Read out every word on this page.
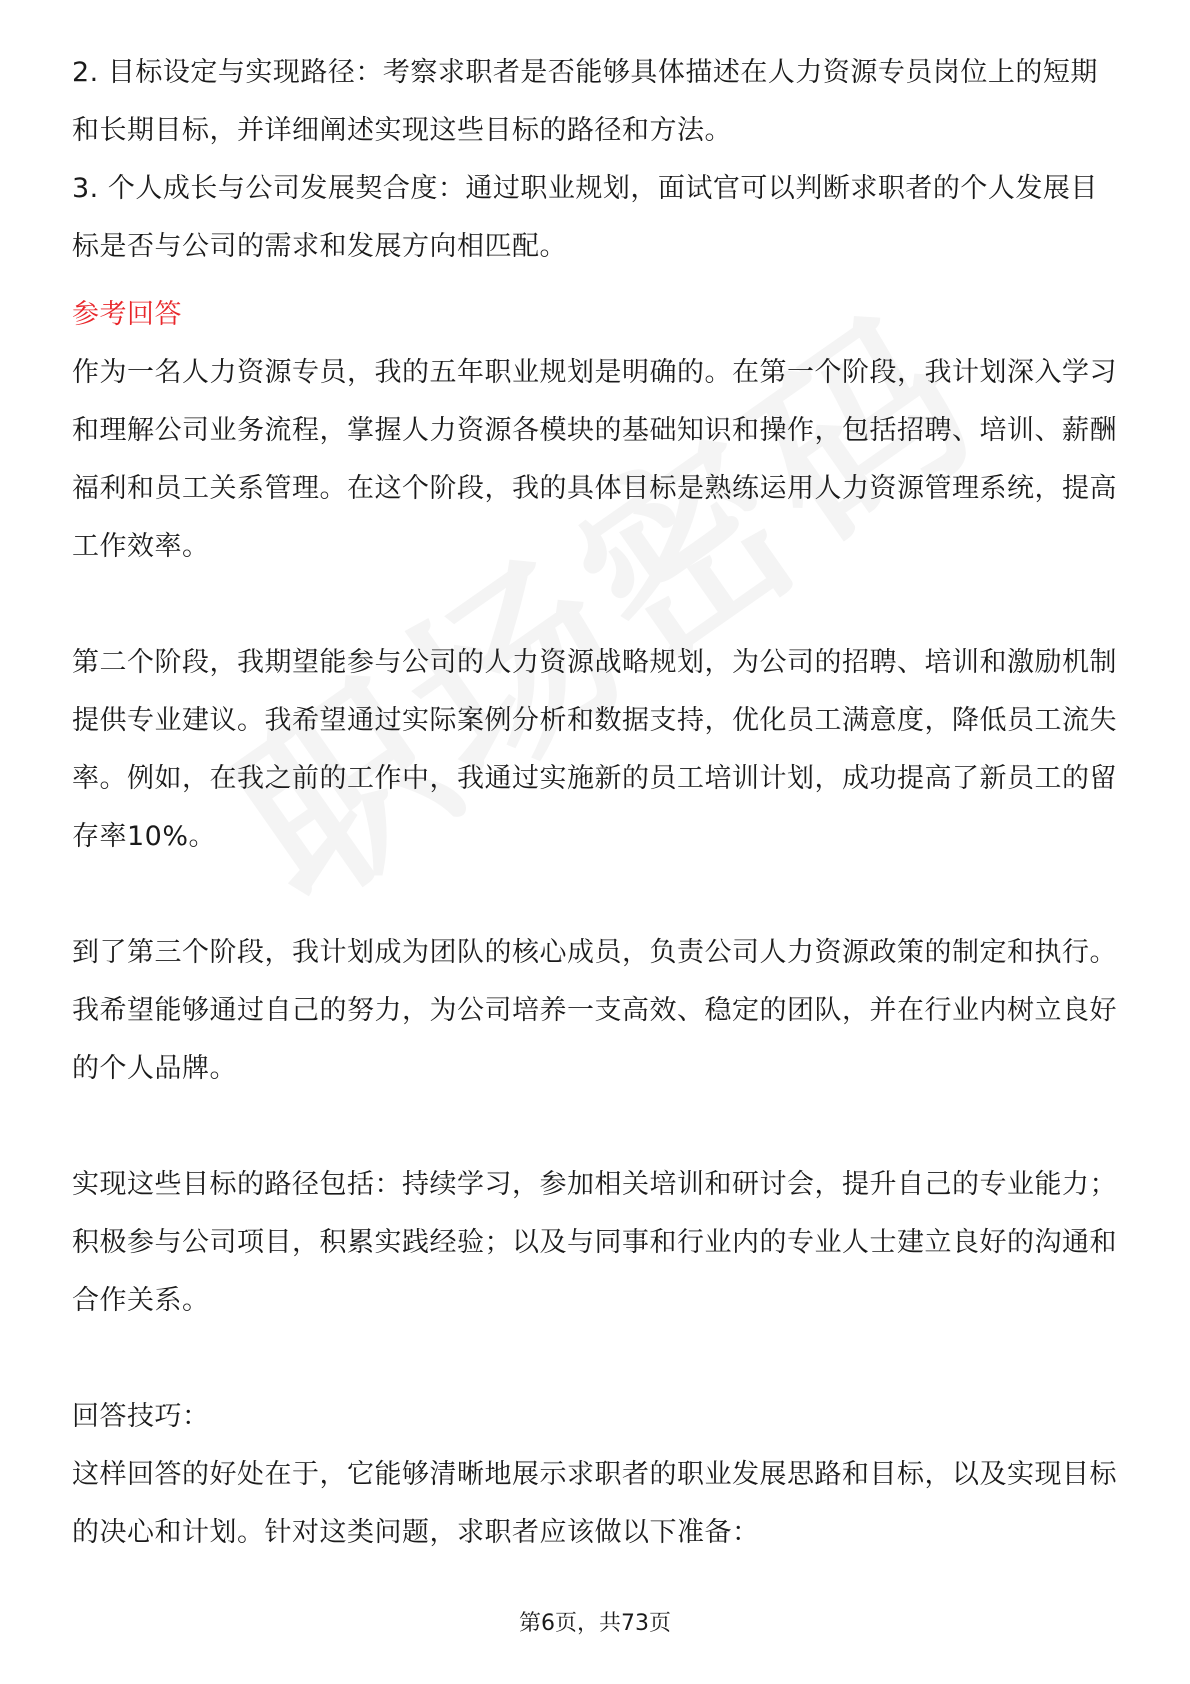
2. 目标设定与实现路径：考察求职者是否能够具体描述在人力资源专员岗位上的短期和长期目标，并详细阐述实现这些目标的路径和方法。

3. 个人成长与公司发展契合度：通过职业规划，面试官可以判断求职者的个人发展目标是否与公司的需求和发展方向相匹配。

参考回答

作为一名人力资源专员，我的五年职业规划是明确的。在第一个阶段，我计划深入学习和理解公司业务流程，掌握人力资源各模块的基础知识和操作，包括招聘、培训、薪酬福利和员工关系管理。在这个阶段，我的具体目标是熟练运用人力资源管理系统，提高工作效率。

第二个阶段，我期望能参与公司的人力资源战略规划，为公司的招聘、培训和激励机制提供专业建议。我希望通过实际案例分析和数据支持，优化员工满意度，降低员工流失率。例如，在我之前的工作中，我通过实施新的员工培训计划，成功提高了新员工的留存率10%。

到了第三个阶段，我计划成为团队的核心成员，负责公司人力资源政策的制定和执行。我希望能够通过自己的努力，为公司培养一支高效、稳定的团队，并在行业内树立良好的个人品牌。

实现这些目标的路径包括：持续学习，参加相关培训和研讨会，提升自己的专业能力；积极参与公司项目，积累实践经验；以及与同事和行业内的专业人士建立良好的沟通和合作关系。

回答技巧：

这样回答的好处在于，它能够清晰地展示求职者的职业发展思路和目标，以及实现目标的决心和计划。针对这类问题，求职者应该做以下准备：

第6页，共73页
